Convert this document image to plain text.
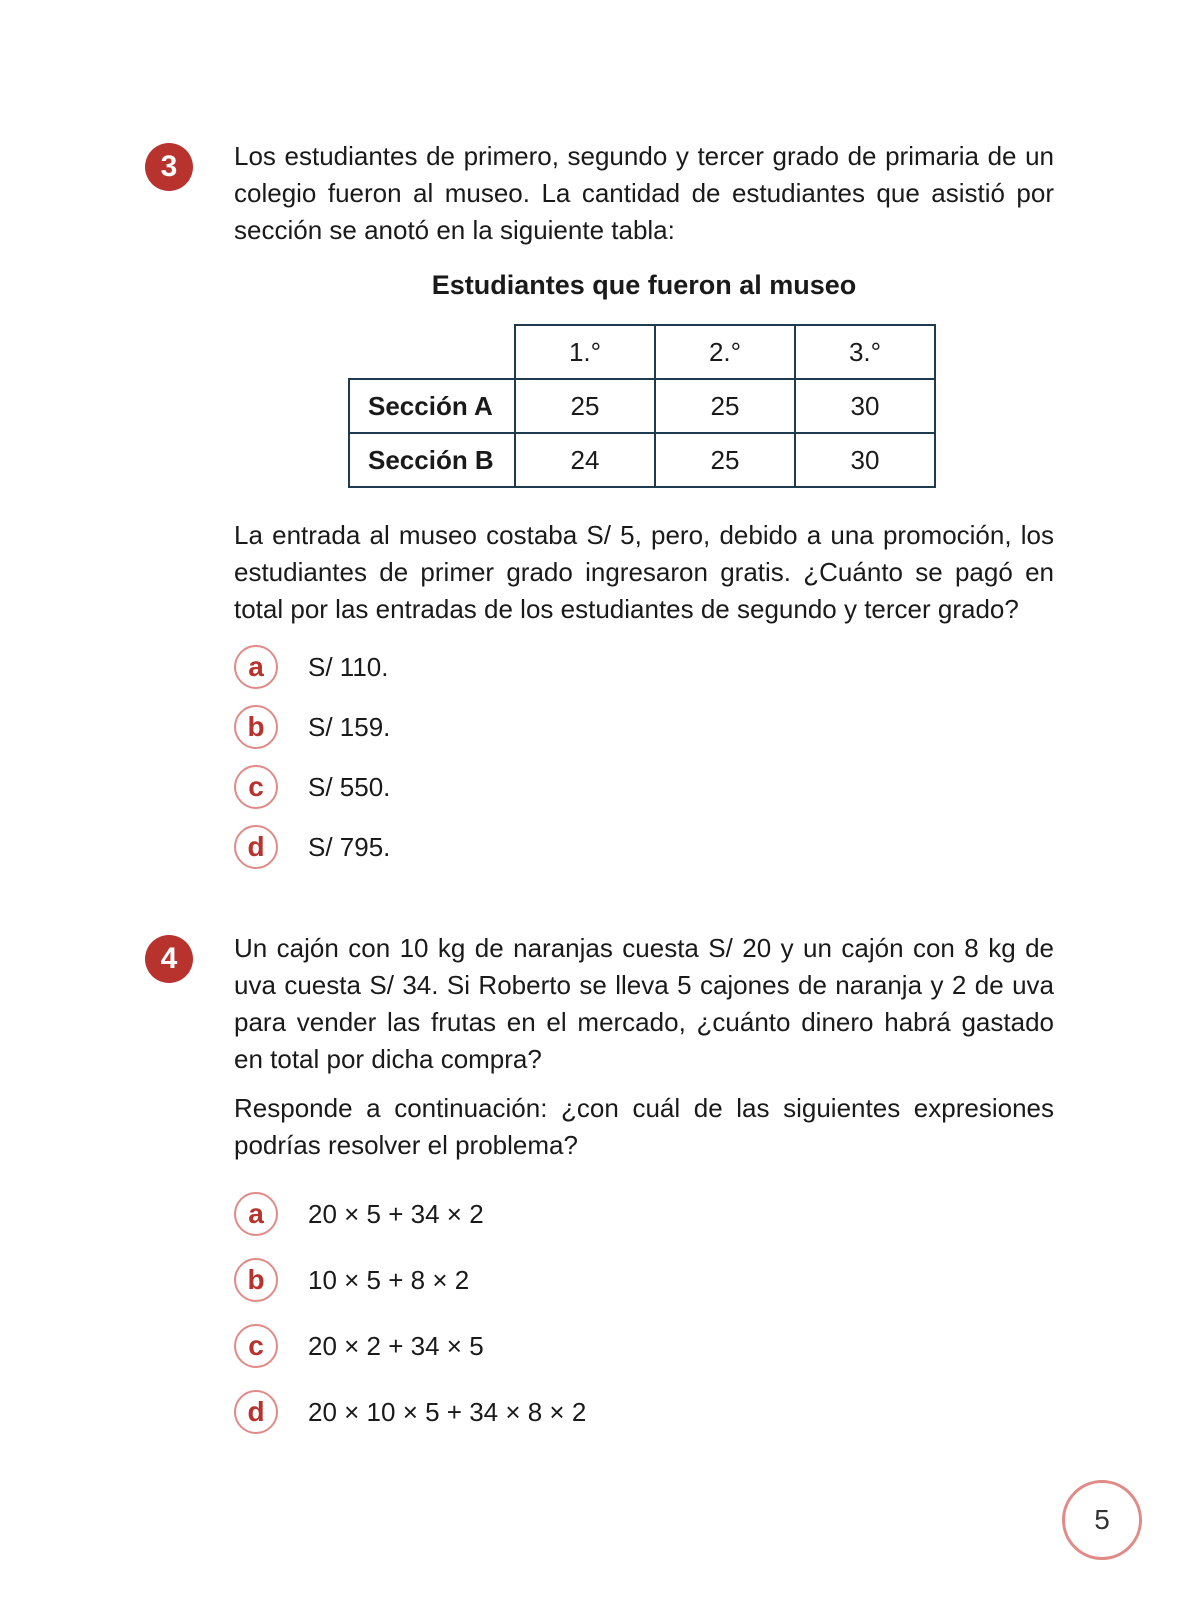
3	Los estudiantes de primero, segundo y tercer grado de primaria de un colegio fueron al museo. La cantidad de estudiantes que asistió por sección se anotó en la siguiente tabla:

Estudiantes que fueron al museo
	1.°	2.°	3.°
Sección A	25	25	30
Sección B	24	25	30

La entrada al museo costaba S/ 5, pero, debido a una promoción, los estudiantes de primer grado ingresaron gratis. ¿Cuánto se pagó en total por las entradas de los estudiantes de segundo y tercer grado?

a	S/ 110.
b	S/ 159.
c	S/ 550.
d	S/ 795.
4	Un cajón con 10 kg de naranjas cuesta S/ 20 y un cajón con 8 kg de uva cuesta S/ 34. Si Roberto se lleva 5 cajones de naranja y 2 de uva para vender las frutas en el mercado, ¿cuánto dinero habrá gastado en total por dicha compra?

Responde a continuación: ¿con cuál de las siguientes expresiones podrías resolver el problema?

a	20 × 5 + 34 × 2
b	10 × 5 + 8 × 2
c	20 × 2 + 34 × 5
d	20 × 10 × 5 + 34 × 8 × 2
5
